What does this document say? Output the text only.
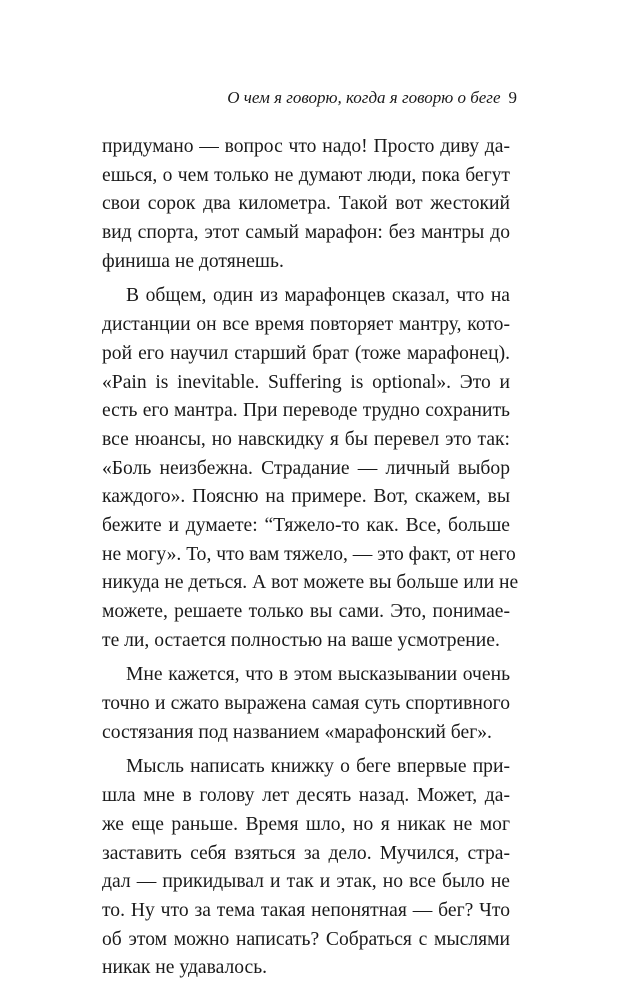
О чем я говорю, когда я говорю о беге 9
придумано — вопрос что надо! Просто диву да-
ешься, о чем только не думают люди, пока бегут
свои сорок два километра. Такой вот жестокий
вид спорта, этот самый марафон: без мантры до
финиша не дотянешь.
В общем, один из марафонцев сказал, что на
дистанции он все время повторяет мантру, кото-
рой его научил старший брат (тоже марафонец).
«Pain is inevitable. Suffering is optional». Это и
есть его мантра. При переводе трудно сохранить
все нюансы, но навскидку я бы перевел это так:
«Боль неизбежна. Страдание — личный выбор
каждого». Поясню на примере. Вот, скажем, вы
бежите и думаете: “Тяжело-то как. Все, больше
не могу». То, что вам тяжело, — это факт, от него
никуда не деться. А вот можете вы больше или не
можете, решаете только вы сами. Это, понимае-
те ли, остается полностью на ваше усмотрение.
Мне кажется, что в этом высказывании очень
точно и сжато выражена самая суть спортивного
состязания под названием «марафонский бег».
Мысль написать книжку о беге впервые при-
шла мне в голову лет десять назад. Может, да-
же еще раньше. Время шло, но я никак не мог
заставить себя взяться за дело. Мучился, стра-
дал — прикидывал и так и этак, но все было не
то. Ну что за тема такая непонятная — бег? Что
об этом можно написать? Собраться с мыслями
никак не удавалось.
